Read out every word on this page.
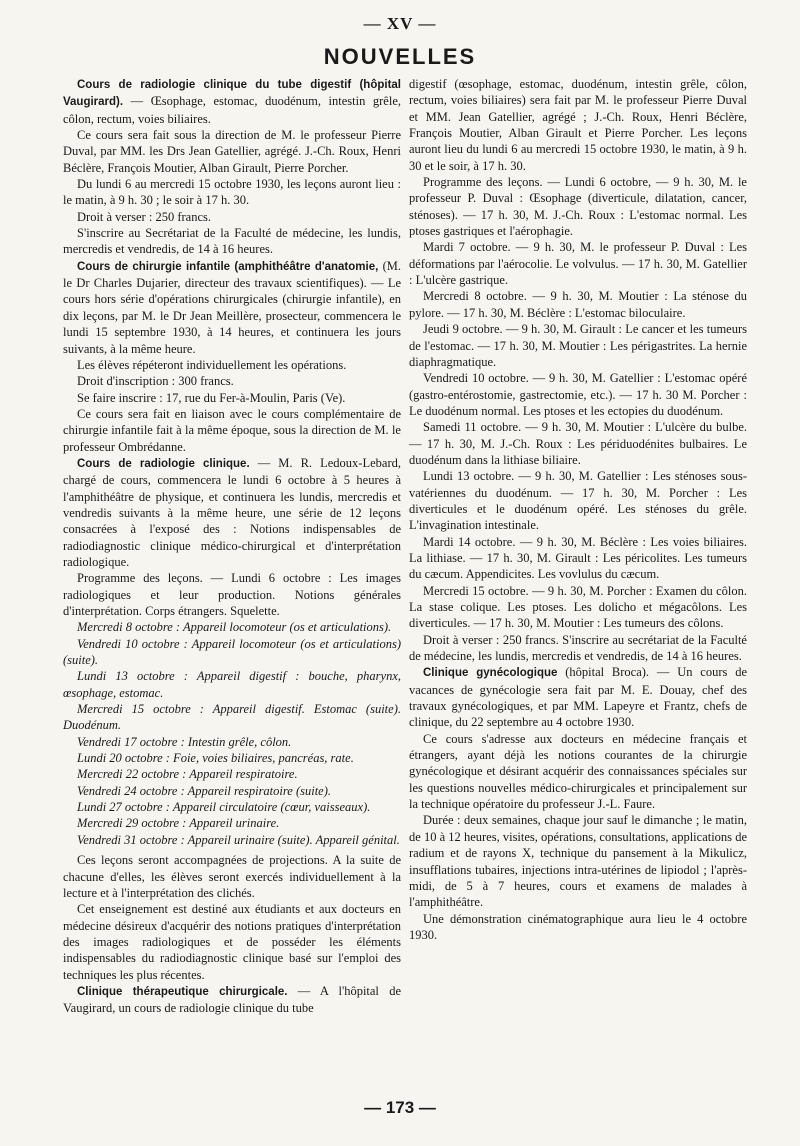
— XV —
NOUVELLES

Cours de radiologie clinique du tube digestif (hôpital Vaugirard). — Œsophage, estomac, duodénum, intestin grêle, côlon, rectum, voies biliaires.

Ce cours sera fait sous la direction de M. le professeur Pierre Duval, par MM. les Drs Jean Gatellier, agrégé. J.-Ch. Roux, Henri Béclère, François Moutier, Alban Girault, Pierre Porcher.

Du lundi 6 au mercredi 15 octobre 1930, les leçons auront lieu : le matin, à 9 h. 30 ; le soir à 17 h. 30.

Droit à verser : 250 francs.

S'inscrire au Secrétariat de la Faculté de médecine, les lundis, mercredis et vendredis, de 14 à 16 heures.

Cours de chirurgie infantile (amphithéâtre d'anatomie, (M. le Dr Charles Dujarier, directeur des travaux scientifiques). — Le cours hors série d'opérations chirurgicales (chirurgie infantile), en dix leçons, par M. le Dr Jean Meillère, prosecteur, commencera le lundi 15 septembre 1930, à 14 heures, et continuera les jours suivants, à la même heure.

Les élèves répéteront individuellement les opérations.

Droit d'inscription : 300 francs.

Se faire inscrire : 17, rue du Fer-à-Moulin, Paris (Ve).

Ce cours sera fait en liaison avec le cours complémentaire de chirurgie infantile fait à la même époque, sous la direction de M. le professeur Ombrédanne.

Cours de radiologie clinique. — M. R. Ledoux-Lebard, chargé de cours, commencera le lundi 6 octobre à 5 heures à l'amphithéâtre de physique, et continuera les lundis, mercredis et vendredis suivants à la même heure, une série de 12 leçons consacrées à l'exposé des : Notions indispensables de radiodiagnostic clinique médico-chirurgical et d'interprétation radiologique.

Programme des leçons. — Lundi 6 octobre : Les images radiologiques et leur production. Notions générales d'interprétation. Corps étrangers. Squelette.

Mercredi 8 octobre : Appareil locomoteur (os et articulations).

Vendredi 10 octobre : Appareil locomoteur (os et articulations) (suite).

Lundi 13 octobre : Appareil digestif : bouche, pharynx, œsophage, estomac.

Mercredi 15 octobre : Appareil digestif. Estomac (suite). Duodénum.

Vendredi 17 octobre : Intestin grêle, côlon.

Lundi 20 octobre : Foie, voies biliaires, pancréas, rate.

Mercredi 22 octobre : Appareil respiratoire.

Vendredi 24 octobre : Appareil respiratoire (suite).

Lundi 27 octobre : Appareil circulatoire (cœur, vaisseaux).

Mercredi 29 octobre : Appareil urinaire.

Vendredi 31 octobre : Appareil urinaire (suite). Appareil génital.

Ces leçons seront accompagnées de projections. A la suite de chacune d'elles, les élèves seront exercés individuellement à la lecture et à l'interprétation des clichés.

Cet enseignement est destiné aux étudiants et aux docteurs en médecine désireux d'acquérir des notions pratiques d'interprétation des images radiologiques et de posséder les éléments indispensables du radiodiagnostic clinique basé sur l'emploi des techniques les plus récentes.

Clinique thérapeutique chirurgicale. — A l'hôpital de Vaugirard, un cours de radiologie clinique du tube

digestif (œsophage, estomac, duodénum, intestin grêle, côlon, rectum, voies biliaires) sera fait par M. le professeur Pierre Duval et MM. Jean Gatellier, agrégé ; J.-Ch. Roux, Henri Béclère, François Moutier, Alban Girault et Pierre Porcher. Les leçons auront lieu du lundi 6 au mercredi 15 octobre 1930, le matin, à 9 h. 30 et le soir, à 17 h. 30.

Programme des leçons. — Lundi 6 octobre, — 9 h. 30, M. le professeur P. Duval : Œsophage (diverticule, dilatation, cancer, sténoses). — 17 h. 30, M. J.-Ch. Roux : L'estomac normal. Les ptoses gastriques et l'aérophagie.

Mardi 7 octobre. — 9 h. 30, M. le professeur P. Duval : Les déformations par l'aérocolie. Le volvulus. — 17 h. 30, M. Gatellier : L'ulcère gastrique.

Mercredi 8 octobre. — 9 h. 30, M. Moutier : La sténose du pylore. — 17 h. 30, M. Béclère : L'estomac biloculaire.

Jeudi 9 octobre. — 9 h. 30, M. Girault : Le cancer et les tumeurs de l'estomac. — 17 h. 30, M. Moutier : Les périgastrites. La hernie diaphragmatique.

Vendredi 10 octobre. — 9 h. 30, M. Gatellier : L'estomac opéré (gastro-entérostomie, gastrectomie, etc.). — 17 h. 30 M. Porcher : Le duodénum normal. Les ptoses et les ectopies du duodénum.

Samedi 11 octobre. — 9 h. 30, M. Moutier : L'ulcère du bulbe. — 17 h. 30, M. J.-Ch. Roux : Les périduodénites bulbaires. Le duodénum dans la lithiase biliaire.

Lundi 13 octobre. — 9 h. 30, M. Gatellier : Les sténoses sous-vatériennes du duodénum. — 17 h. 30, M. Porcher : Les diverticules et le duodénum opéré. Les sténoses du grêle. L'invagination intestinale.

Mardi 14 octobre. — 9 h. 30, M. Béclère : Les voies biliaires. La lithiase. — 17 h. 30, M. Girault : Les péricolites. Les tumeurs du cæcum. Appendicites. Les vovlulus du cæcum.

Mercredi 15 octobre. — 9 h. 30, M. Porcher : Examen du côlon. La stase colique. Les ptoses. Les dolicho et mégacôlons. Les diverticules. — 17 h. 30, M. Moutier : Les tumeurs des côlons.

Droit à verser : 250 francs. S'inscrire au secrétariat de la Faculté de médecine, les lundis, mercredis et vendredis, de 14 à 16 heures.

Clinique gynécologique (hôpital Broca). — Un cours de vacances de gynécologie sera fait par M. E. Douay, chef des travaux gynécologiques, et par MM. Lapeyre et Frantz, chefs de clinique, du 22 septembre au 4 octobre 1930.

Ce cours s'adresse aux docteurs en médecine français et étrangers, ayant déjà les notions courantes de la chirurgie gynécologique et désirant acquérir des connaissances spéciales sur les questions nouvelles médico-chirurgicales et principalement sur la technique opératoire du professeur J.-L. Faure.

Durée : deux semaines, chaque jour sauf le dimanche ; le matin, de 10 à 12 heures, visites, opérations, consultations, applications de radium et de rayons X, technique du pansement à la Mikulicz, insufflations tubaires, injections intra-utérines de lipiodol ; l'après-midi, de 5 à 7 heures, cours et examens de malades à l'amphithéâtre.

Une démonstration cinématographique aura lieu le 4 octobre 1930.

— 173 —
